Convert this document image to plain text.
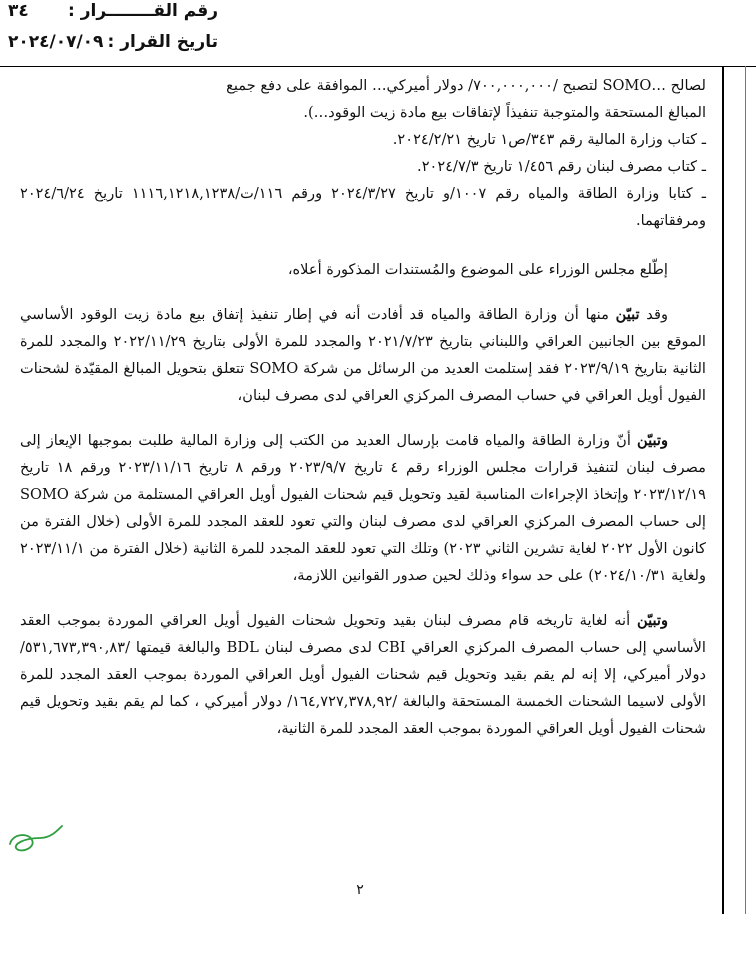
رقم القــــــــرار :
٣٤
تاريخ القرار :
٢٠٢٤/٠٧/٠٩

لصالح …SOMO لتصبح /٧٠٠,٠٠٠,٠٠٠/ دولار أميركي… الموافقة على دفع جميع

المبالغ المستحقة والمتوجبة تنفيذاً لإتفاقات بيع مادة زيت الوقود…).

ـ كتاب وزارة المالية رقم ٣٤٣/ص١ تاريخ ٢٠٢٤/٢/٢١.
ـ كتاب مصرف لبنان رقم ١/٤٥٦ تاريخ ٢٠٢٤/٧/٣.
ـ كتابا وزارة الطاقة والمياه رقم ١٠٠٧/و تاريخ ٢٠٢٤/٣/٢٧ ورقم ١١٦/ت/١١١٦,١٢١٨,١٢٣٨ تاريخ ٢٠٢٤/٦/٢٤ ومرفقاتهما.

إطّلع مجلس الوزراء على الموضوع والمُستندات المذكورة أعلاه،

وقد تبيّن منها أن وزارة الطاقة والمياه قد أفادت أنه في إطار تنفيذ إتفاق بيع مادة زيت الوقود الأساسي الموقع بين الجانبين العراقي واللبناني بتاريخ ٢٠٢١/٧/٢٣ والمجدد للمرة الأولى بتاريخ ٢٠٢٢/١١/٢٩ والمجدد للمرة الثانية بتاريخ ٢٠٢٣/٩/١٩ فقد إستلمت العديد من الرسائل من شركة SOMO تتعلق بتحويل المبالغ المقيّدة لشحنات الفيول أويل العراقي في حساب المصرف المركزي العراقي لدى مصرف لبنان،

وتبيّن أنّ وزارة الطاقة والمياه قامت بإرسال العديد من الكتب إلى وزارة المالية طلبت بموجبها الإيعاز إلى مصرف لبنان لتنفيذ قرارات مجلس الوزراء رقم ٤ تاريخ ٢٠٢٣/٩/٧ ورقم ٨ تاريخ ٢٠٢٣/١١/١٦ ورقم ١٨ تاريخ ٢٠٢٣/١٢/١٩ وإتخاذ الإجراءات المناسبة لقيد وتحويل قيم شحنات الفيول أويل العراقي المستلمة من شركة SOMO إلى حساب المصرف المركزي العراقي لدى مصرف لبنان والتي تعود للعقد المجدد للمرة الأولى (خلال الفترة من كانون الأول ٢٠٢٢ لغاية تشرين الثاني ٢٠٢٣) وتلك التي تعود للعقد المجدد للمرة الثانية (خلال الفترة من ٢٠٢٣/١١/١ ولغاية ٢٠٢٤/١٠/٣١) على حد سواء وذلك لحين صدور القوانين اللازمة،

وتبيّن أنه لغاية تاريخه قام مصرف لبنان بقيد وتحويل شحنات الفيول أويل العراقي الموردة بموجب العقد الأساسي إلى حساب المصرف المركزي العراقي CBI لدى مصرف لبنان BDL والبالغة قيمتها /٥٣١,٦٧٣,٣٩٠,٨٣/ دولار أميركي، إلا إنه لم يقم بقيد وتحويل قيم شحنات الفيول أويل العراقي الموردة بموجب العقد المجدد للمرة الأولى لاسيما الشحنات الخمسة المستحقة والبالغة /١٦٤,٧٢٧,٣٧٨,٩٢/ دولار أميركي ، كما لم يقم بقيد وتحويل قيم شحنات الفيول أويل العراقي الموردة بموجب العقد المجدد للمرة الثانية،

٢
